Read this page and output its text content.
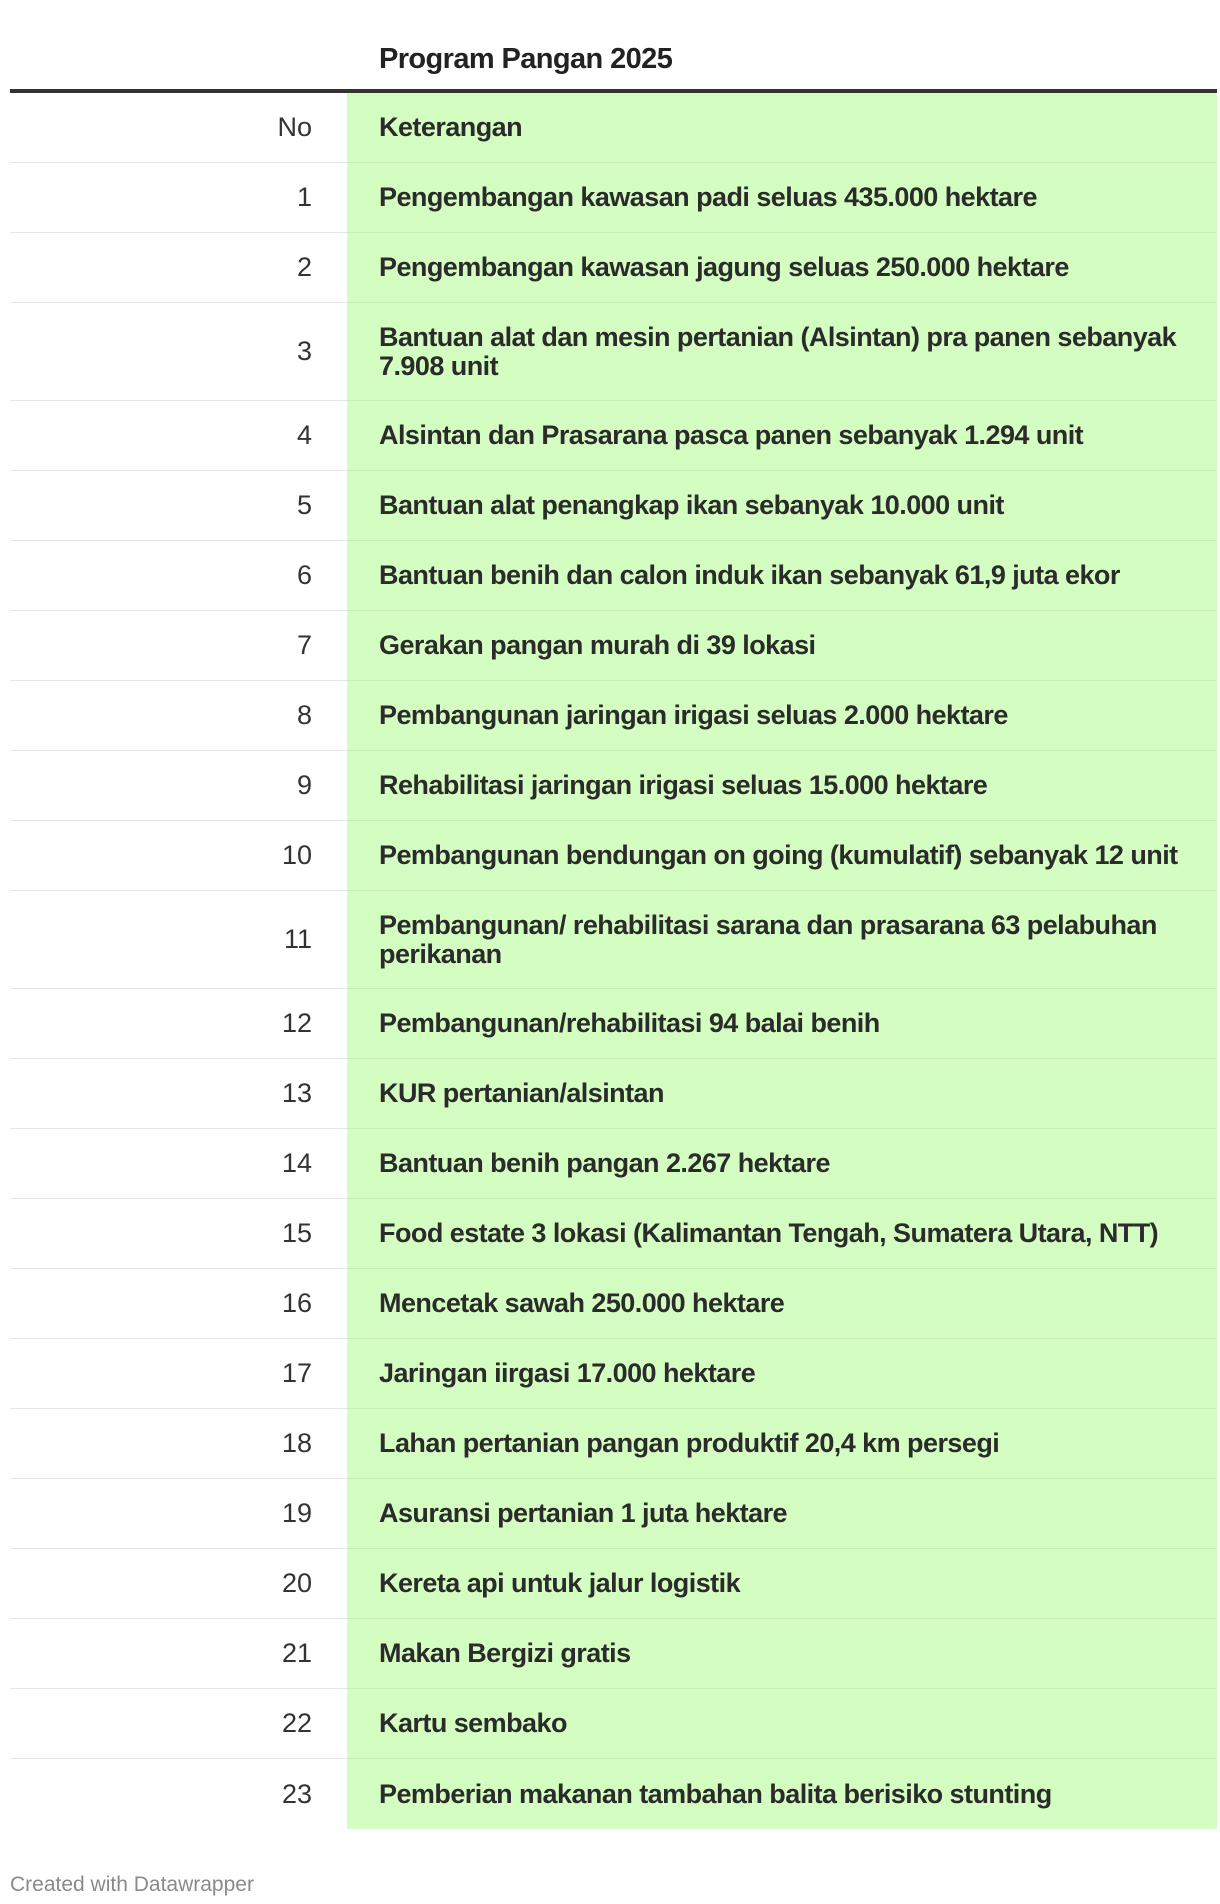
Program Pangan 2025
No	Keterangan
1	Pengembangan kawasan padi seluas 435.000 hektare
2	Pengembangan kawasan jagung seluas 250.000 hektare
3	Bantuan alat dan mesin pertanian (Alsintan) pra panen sebanyak 7.908 unit
4	Alsintan dan Prasarana pasca panen sebanyak 1.294 unit
5	Bantuan alat penangkap ikan sebanyak 10.000 unit
6	Bantuan benih dan calon induk ikan sebanyak 61,9 juta ekor
7	Gerakan pangan murah di 39 lokasi
8	Pembangunan jaringan irigasi seluas 2.000 hektare
9	Rehabilitasi jaringan irigasi seluas 15.000 hektare
10	Pembangunan bendungan on going (kumulatif) sebanyak 12 unit
11	Pembangunan/ rehabilitasi sarana dan prasarana 63 pelabuhan perikanan
12	Pembangunan/rehabilitasi 94 balai benih
13	KUR pertanian/alsintan
14	Bantuan benih pangan 2.267 hektare
15	Food estate 3 lokasi (Kalimantan Tengah, Sumatera Utara, NTT)
16	Mencetak sawah 250.000 hektare
17	Jaringan iirgasi 17.000 hektare
18	Lahan pertanian pangan produktif 20,4 km persegi
19	Asuransi pertanian 1 juta hektare
20	Kereta api untuk jalur logistik
21	Makan Bergizi gratis
22	Kartu sembako
23	Pemberian makanan tambahan balita berisiko stunting
Created with Datawrapper
